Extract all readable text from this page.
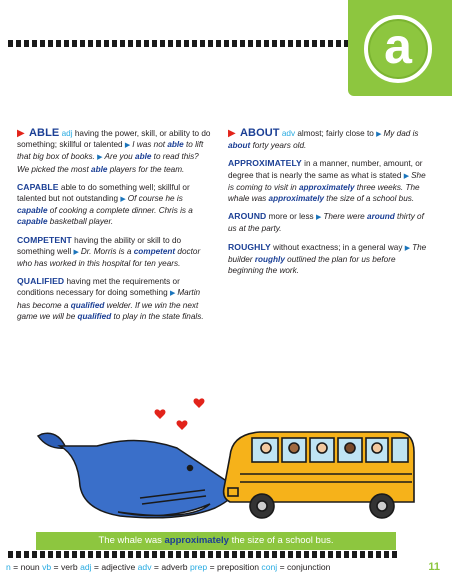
a
▶ ABLE adj having the power, skill, or ability to do something; skillful or talented ▶ I was not able to lift that big box of books. ▶ Are you able to read this? We picked the most able players for the team.
CAPABLE able to do something well; skillful or talented but not outstanding ▶ Of course he is capable of cooking a complete dinner. Chris is a capable basketball player.
COMPETENT having the ability or skill to do something well ▶ Dr. Morris is a competent doctor who has worked in this hospital for ten years.
QUALIFIED having met the requirements or conditions necessary for doing something ▶ Martin has become a qualified welder. If we win the next game we will be qualified to play in the state finals.
▶ ABOUT adv almost; fairly close to ▶ My dad is about forty years old.
APPROXIMATELY in a manner, number, amount, or degree that is nearly the same as what is stated ▶ She is coming to visit in approximately three weeks. The whale was approximately the size of a school bus.
AROUND more or less ▶ There were around thirty of us at the party.
ROUGHLY without exactness; in a general way ▶ The builder roughly outlined the plan for us before beginning the work.
The whale was approximately the size of a school bus.
n = noun vb = verb adj = adjective adv = adverb prep = preposition conj = conjunction	11
